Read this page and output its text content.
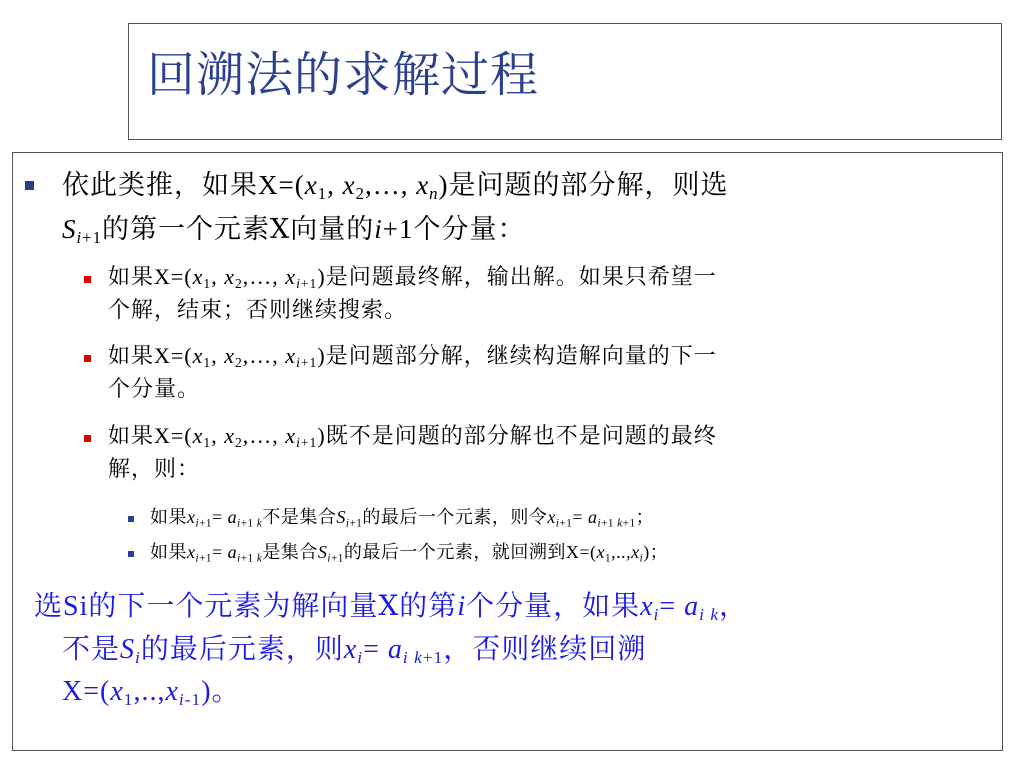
回溯法的求解过程
依此类推，如果$X=(x_1$, $x_2,\dots$, $x_n$)是问题的部分解，则选
$S_{i+1}$的第一个元素X向量的i+1个分量：
如果$X=(x_1$, $x_2,\dots$, $x_{i+1}$)是问题最终解，输出解。如果只希望一
个解，结束；否则继续搜索。
如果$X=(x_1$, $x_2,\dots$, $x_{i+1}$)是问题部分解，继续构造解向量的下一
个分量。
如果$X=(x_1$, $x_2,\dots$, $x_{i+1}$)既不是问题的部分解也不是问题的最终
解，则：
如果$x_{i+1}= a_{i+1 k}$不是集合$S_{i+1}$的最后一个元素，则令$x_{i+1}= a_{i+1 k+1}$；
如果$x_{i+1}= a_{i+1 k}$是集合$S_{i+1}$的最后一个元素，就回溯到$X=(x_1,..,x_i)$；
选Si的下一个元素为解向量X的第i个分量，如果$x_i= a_{i k}$，
不是$S_i$的最后元素，则$x_i= a_{i k+1}$，否则继续回溯
$X=(x_1,..,x_{i-1})$。
